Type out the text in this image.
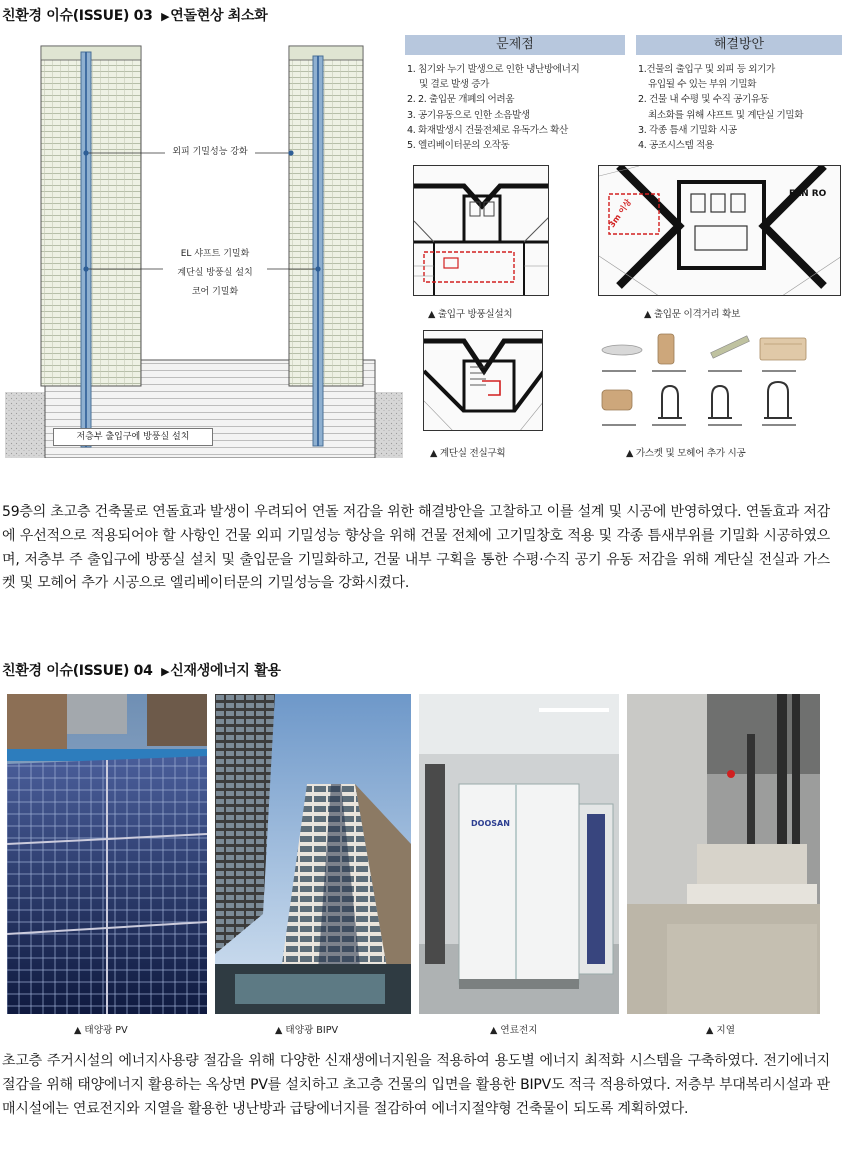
친환경 이슈(ISSUE) 03 ▶연돌현상 최소화
외피 기밀성능 강화
EL 샤프트 기밀화
계단실 방풍실 설치
코어 기밀화
저층부 출입구에 방풍실 설치
문제점	해결방안
1. 침기와 누기 발생으로 인한 냉난방에너지
및 결로 발생 증가
2. 2. 출입문 개폐의 어려움
3. 공기유동으로 인한 소음발생
4. 화재발생시 건물전체로 유독가스 확산
5. 엘리베이터문의 오작동
1.건물의 출입구 및 외피 등 외기가
유입될 수 있는 부위 기밀화
2. 건물 내 수평 및 수직 공기유동
최소화를 위해 샤프트 및 계단실 기밀화
3. 각종 틈새 기밀화 시공
4. 공조시스템 적용
3m 이상
FAN RO
▲ 출입구 방풍실설치	▲ 출입문 이격거리 확보
▲ 계단실 전실구획	▲ 가스켓 및 모헤어 추가 시공

59층의 초고층 건축물로 연돌효과 발생이 우려되어 연돌 저감을 위한 해결방안을 고찰하고 이를 설계 및 시공에 반영하였다. 연돌효과 저감에 우선적으로 적용되어야 할 사항인 건물 외피 기밀성능 향상을 위해 건물 전체에 고기밀창호 적용 및 각종 틈새부위를 기밀화 시공하였으며, 저층부 주 출입구에 방풍실 설치 및 출입문을 기밀화하고, 건물 내부 구획을 통한 수평·수직 공기 유동 저감을 위해 계단실 전실과 가스켓 및 모헤어 추가 시공으로 엘리베이터문의 기밀성능을 강화시켰다.

친환경 이슈(ISSUE) 04 ▶신재생에너지 활용
DOOSAN
▲ 태양광 PV	▲ 태양광 BIPV	▲ 연료전지	▲ 지열

초고층 주거시설의 에너지사용량 절감을 위해 다양한 신재생에너지원을 적용하여 용도별 에너지 최적화 시스템을 구축하였다. 전기에너지 절감을 위해 태양에너지 활용하는 옥상면 PV를 설치하고 초고층 건물의 입면을 활용한 BIPV도 적극 적용하였다. 저층부 부대복리시설과 판매시설에는 연료전지와 지열을 활용한 냉난방과 급탕에너지를 절감하여 에너지절약형 건축물이 되도록 계획하였다.
